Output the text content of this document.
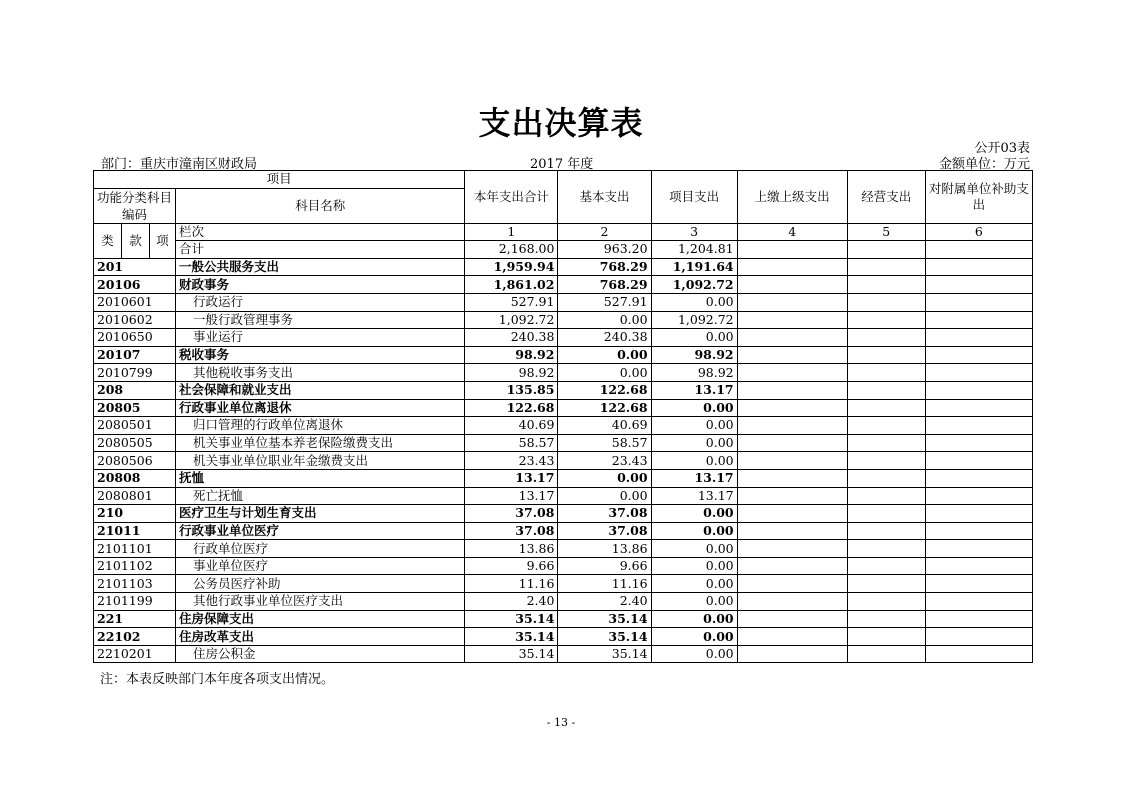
支出决算表
公开03表
部门：重庆市潼南区财政局	2017 年度	金额单位：万元
项目				本年支出合计	基本支出	项目支出	上缴上级支出	经营支出	对附属单位补助支出
功能分类科目编码			科目名称						

类	款	项	栏次	1	2	3	4	5	6
			合计	2,168.00	963.20	1,204.81			
201			一般公共服务支出	1,959.94	768.29	1,191.64			
20106			财政事务	1,861.02	768.29	1,092.72			
2010601			行政运行	527.91	527.91	0.00			
2010602			一般行政管理事务	1,092.72	0.00	1,092.72			
2010650			事业运行	240.38	240.38	0.00			
20107			税收事务	98.92	0.00	98.92			
2010799			其他税收事务支出	98.92	0.00	98.92			
208			社会保障和就业支出	135.85	122.68	13.17			
20805			行政事业单位离退休	122.68	122.68	0.00			
2080501			归口管理的行政单位离退休	40.69	40.69	0.00			
2080505			机关事业单位基本养老保险缴费支出	58.57	58.57	0.00			
2080506			机关事业单位职业年金缴费支出	23.43	23.43	0.00			
20808			抚恤	13.17	0.00	13.17			
2080801			死亡抚恤	13.17	0.00	13.17			
210			医疗卫生与计划生育支出	37.08	37.08	0.00			
21011			行政事业单位医疗	37.08	37.08	0.00			
2101101			行政单位医疗	13.86	13.86	0.00			
2101102			事业单位医疗	9.66	9.66	0.00			
2101103			公务员医疗补助	11.16	11.16	0.00			
2101199			其他行政事业单位医疗支出	2.40	2.40	0.00			
221			住房保障支出	35.14	35.14	0.00			
22102			住房改革支出	35.14	35.14	0.00			
2210201			住房公积金	35.14	35.14	0.00			
注：本表反映部门本年度各项支出情况。
- 13 -
